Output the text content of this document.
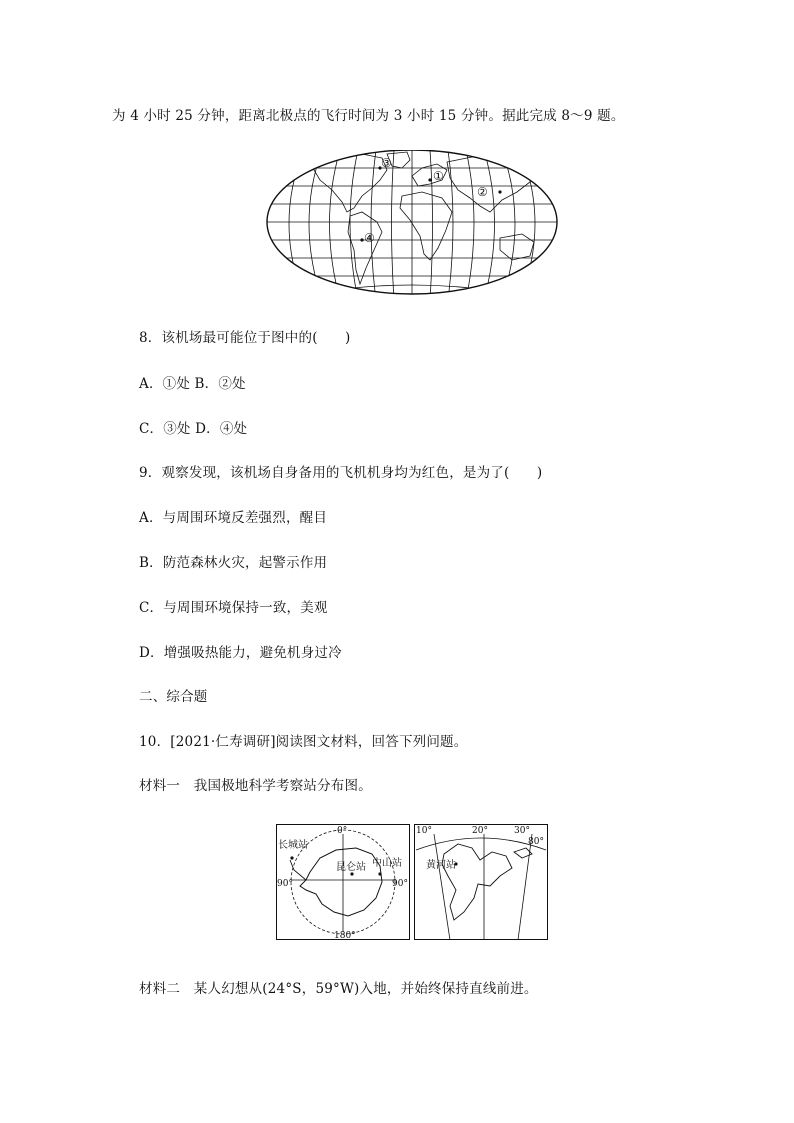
为 4 小时 25 分钟，距离北极点的飞行时间为 3 小时 15 分钟。据此完成 8～9 题。
①
②
③
④
8．该机场最可能位于图中的(　　)
A．①处 B．②处
C．③处 D．④处
9．观察发现，该机场自身备用的飞机机身均为红色，是为了(　　)
A．与周围环境反差强烈，醒目
B．防范森林火灾，起警示作用
C．与周围环境保持一致，美观
D．增强吸热能力，避免机身过冷
二、综合题
10．[2021·仁寿调研]阅读图文材料，回答下列问题。
材料一　我国极地科学考察站分布图。
0°
90°	90°
180°
长城站
昆仑站 中山站
10°	20°	30°
80°
黄河站
材料二　某人幻想从(24°S，59°W)入地，并始终保持直线前进。
